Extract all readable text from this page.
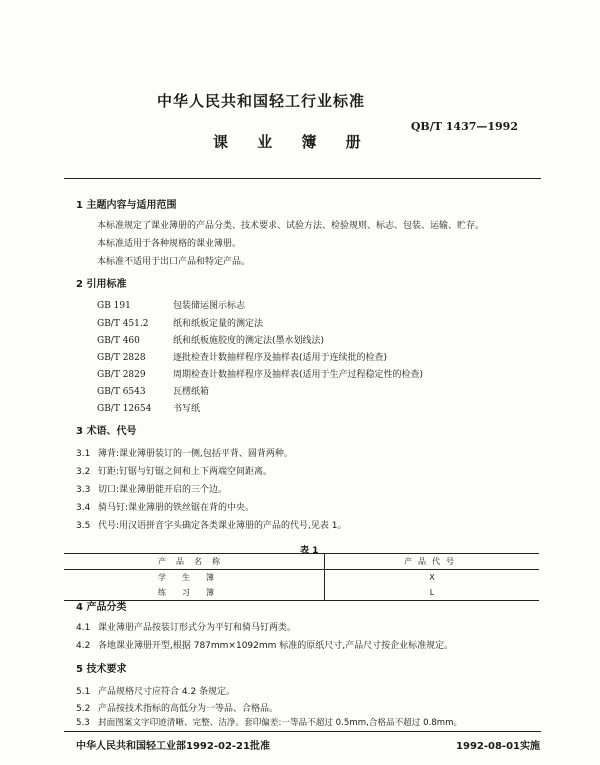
中华人民共和国轻工行业标准
QB/T 1437—1992
课 业 簿 册
1 主题内容与适用范围
本标准规定了课业簿册的产品分类、技术要求、试验方法、检验规则、标志、包装、运输、贮存。
本标准适用于各种规格的课业簿册。
本标准不适用于出口产品和特定产品。
2 引用标准
GB 191	包装储运图示标志
GB/T 451.2	纸和纸板定量的测定法
GB/T 460	纸和纸板施胶度的测定法(墨水划线法)
GB/T 2828	逐批检查计数抽样程序及抽样表(适用于连续批的检查)
GB/T 2829	周期检查计数抽样程序及抽样表(适用于生产过程稳定性的检查)
GB/T 6543	瓦楞纸箱
GB/T 12654 书写纸
3 术语、代号
3.1 簿背:课业簿册装订的一侧,包括平背、圆背两种。
3.2 钉距:钉锯与钉锯之间和上下两端空间距离。
3.3 切口:课业簿册能开启的三个边。
3.4 骑马钉:课业簿册的铁丝锯在背的中央。
3.5 代号:用汉语拼音字头确定各类课业簿册的产品的代号,见表 1。
表 1
产品名称	产品代号
学生簿	X
练习簿	L
4 产品分类
4.1 课业簿册产品按装订形式分为平钉和骑马钉两类。
4.2 各地课业簿册开型,根据 787mm×1092mm 标准的原纸尺寸,产品尺寸按企业标准规定。
5 技术要求
5.1 产品规格尺寸应符合 4.2 条规定。
5.2 产品按技术指标的高低分为一等品、合格品。
5.3 封面图案文字印迹清晰、完整、洁净。套印偏差:一等品不超过 0.5mm,合格品不超过 0.8mm。
中华人民共和国轻工业部1992-02-21批准	1992-08-01实施
